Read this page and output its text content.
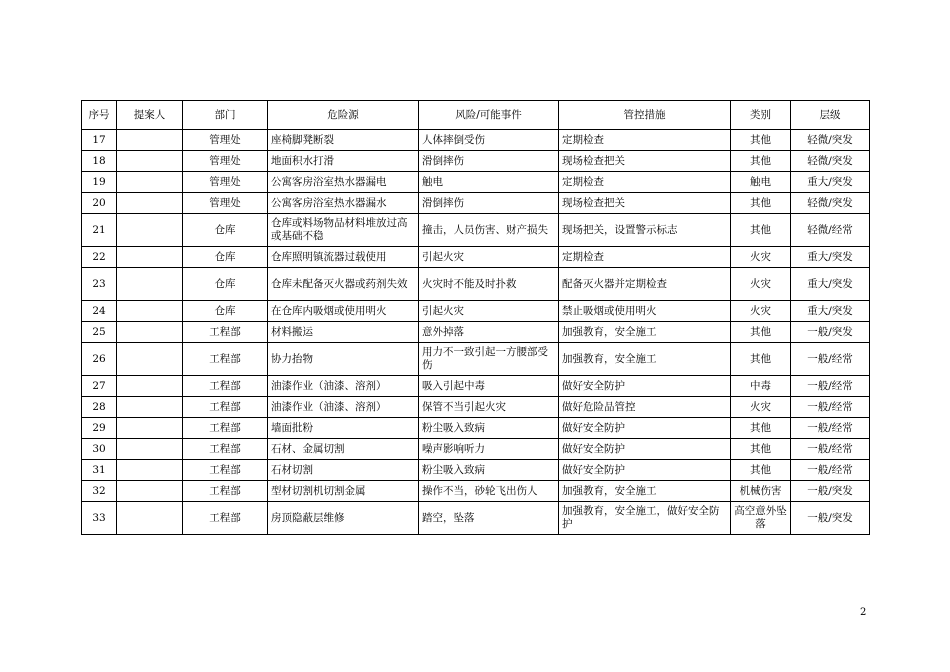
序号	提案人	部门	危险源	风险/可能事件	管控措施	类别	层级
17		管理处	座椅脚凳断裂	人体摔倒受伤	定期检查	其他	轻微/突发
18		管理处	地面积水打滑	滑倒摔伤	现场检查把关	其他	轻微/突发
19		管理处	公寓客房浴室热水器漏电	触电	定期检查	触电	重大/突发
20		管理处	公寓客房浴室热水器漏水	滑倒摔伤	现场检查把关	其他	轻微/突发
21		仓库	仓库或料场物品材料堆放过高或基础不稳	撞击，人员伤害、财产损失	现场把关，设置警示标志	其他	轻微/经常
22		仓库	仓库照明镇流器过载使用	引起火灾	定期检查	火灾	重大/突发
23		仓库	仓库未配备灭火器或药剂失效	火灾时不能及时扑救	配备灭火器并定期检查	火灾	重大/突发
24		仓库	在仓库内吸烟或使用明火	引起火灾	禁止吸烟或使用明火	火灾	重大/突发
25		工程部	材料搬运	意外掉落	加强教育，安全施工	其他	一般/突发
26		工程部	协力抬物	用力不一致引起一方腰部受伤	加强教育，安全施工	其他	一般/经常
27		工程部	油漆作业（油漆、溶剂）	吸入引起中毒	做好安全防护	中毒	一般/经常
28		工程部	油漆作业（油漆、溶剂）	保管不当引起火灾	做好危险品管控	火灾	一般/经常
29		工程部	墙面批粉	粉尘吸入致病	做好安全防护	其他	一般/经常
30		工程部	石材、金属切割	噪声影响听力	做好安全防护	其他	一般/经常
31		工程部	石材切割	粉尘吸入致病	做好安全防护	其他	一般/经常
32		工程部	型材切割机切割金属	操作不当，砂轮飞出伤人	加强教育，安全施工	机械伤害	一般/突发
33		工程部	房顶隐蔽层维修	踏空，坠落	加强教育，安全施工，做好安全防护	高空意外坠落	一般/突发
2
